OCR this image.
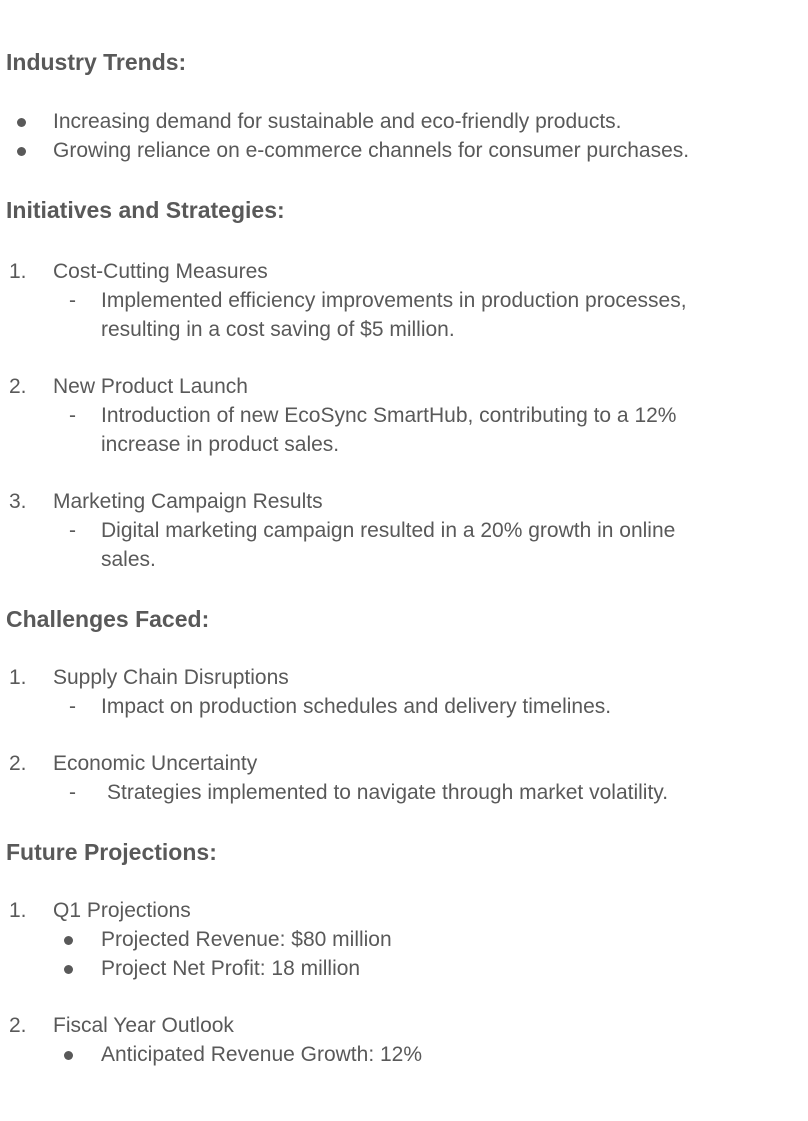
Industry Trends:
Increasing demand for sustainable and eco-friendly products.
Growing reliance on e-commerce channels for consumer purchases.
Initiatives and Strategies:
1. Cost-Cutting Measures
- Implemented efficiency improvements in production processes,
resulting in a cost saving of $5 million.
2. New Product Launch
- Introduction of new EcoSync SmartHub, contributing to a 12%
increase in product sales.
3. Marketing Campaign Results
- Digital marketing campaign resulted in a 20% growth in online
sales.
Challenges Faced:
1. Supply Chain Disruptions
- Impact on production schedules and delivery timelines.
2. Economic Uncertainty
- Strategies implemented to navigate through market volatility.
Future Projections:
1. Q1 Projections
Projected Revenue: $80 million
Project Net Profit: 18 million
2. Fiscal Year Outlook
Anticipated Revenue Growth: 12%
